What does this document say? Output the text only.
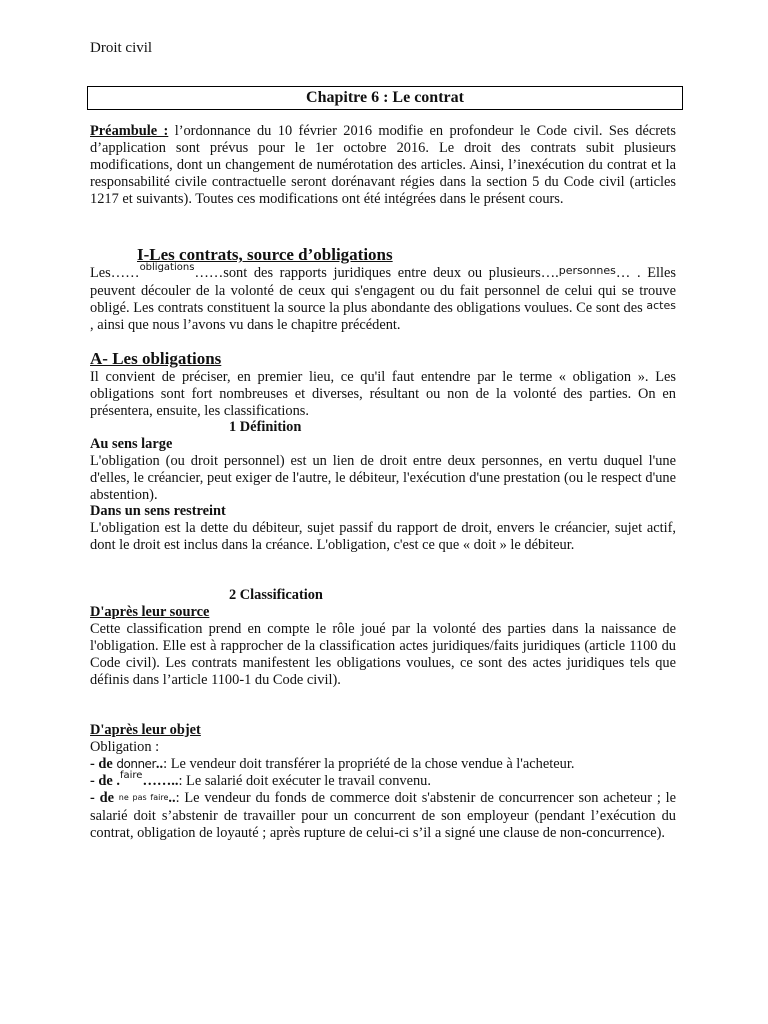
Droit civil
Chapitre 6 : Le contrat

Préambule : l’ordonnance du 10 février 2016 modifie en profondeur le Code civil. Ses décrets d’application sont prévus pour le 1er octobre 2016. Le droit des contrats subit plusieurs modifications, dont un changement de numérotation des articles. Ainsi, l’inexécution du contrat et la responsabilité civile contractuelle seront dorénavant régies dans la section 5 du Code civil (articles 1217 et suivants). Toutes ces modifications ont été intégrées dans le présent cours.

I-Les contrats, source d’obligations

Les……$^{obligations}$……sont des rapports juridiques entre deux ou plusieurs….$^{personnes}$… . Elles peuvent découler de la volonté de ceux qui s'engagent ou du fait personnel de celui qui se trouve obligé. Les contrats constituent la source la plus abondante des obligations voulues. Ce sont des $^{actes}$ , ainsi que nous l’avons vu dans le chapitre précédent.

A- Les obligations

Il convient de préciser, en premier lieu, ce qu'il faut entendre par le terme « obligation ». Les obligations sont fort nombreuses et diverses, résultant ou non de la volonté des parties. On en présentera, ensuite, les classifications.

1 Définition
Au sens large

L'obligation (ou droit personnel) est un lien de droit entre deux personnes, en vertu duquel l'une d'elles, le créancier, peut exiger de l'autre, le débiteur, l'exécution d'une prestation (ou le respect d'une abstention).

Dans un sens restreint

L'obligation est la dette du débiteur, sujet passif du rapport de droit, envers le créancier, sujet actif, dont le droit est inclus dans la créance. L'obligation, c'est ce que « doit » le débiteur.

2 Classification
D'après leur source

Cette classification prend en compte le rôle joué par la volonté des parties dans la naissance de l'obligation. Elle est à rapprocher de la classification actes juridiques/faits juridiques (article 1100 du Code civil). Les contrats manifestent les obligations voulues, ce sont des actes juridiques tels que définis dans l’article 1100-1 du Code civil).

D'après leur objet

Obligation :

- de donner..: Le vendeur doit transférer la propriété de la chose vendue à l'acheteur.

- de .$^{faire}$……..: Le salarié doit exécuter le travail convenu.

- de ne pas faire..: Le vendeur du fonds de commerce doit s'abstenir de concurrencer son acheteur ; le salarié doit s’abstenir de travailler pour un concurrent de son employeur (pendant l’exécution du contrat, obligation de loyauté ; après rupture de celui-ci s’il a signé une clause de non-concurrence).
